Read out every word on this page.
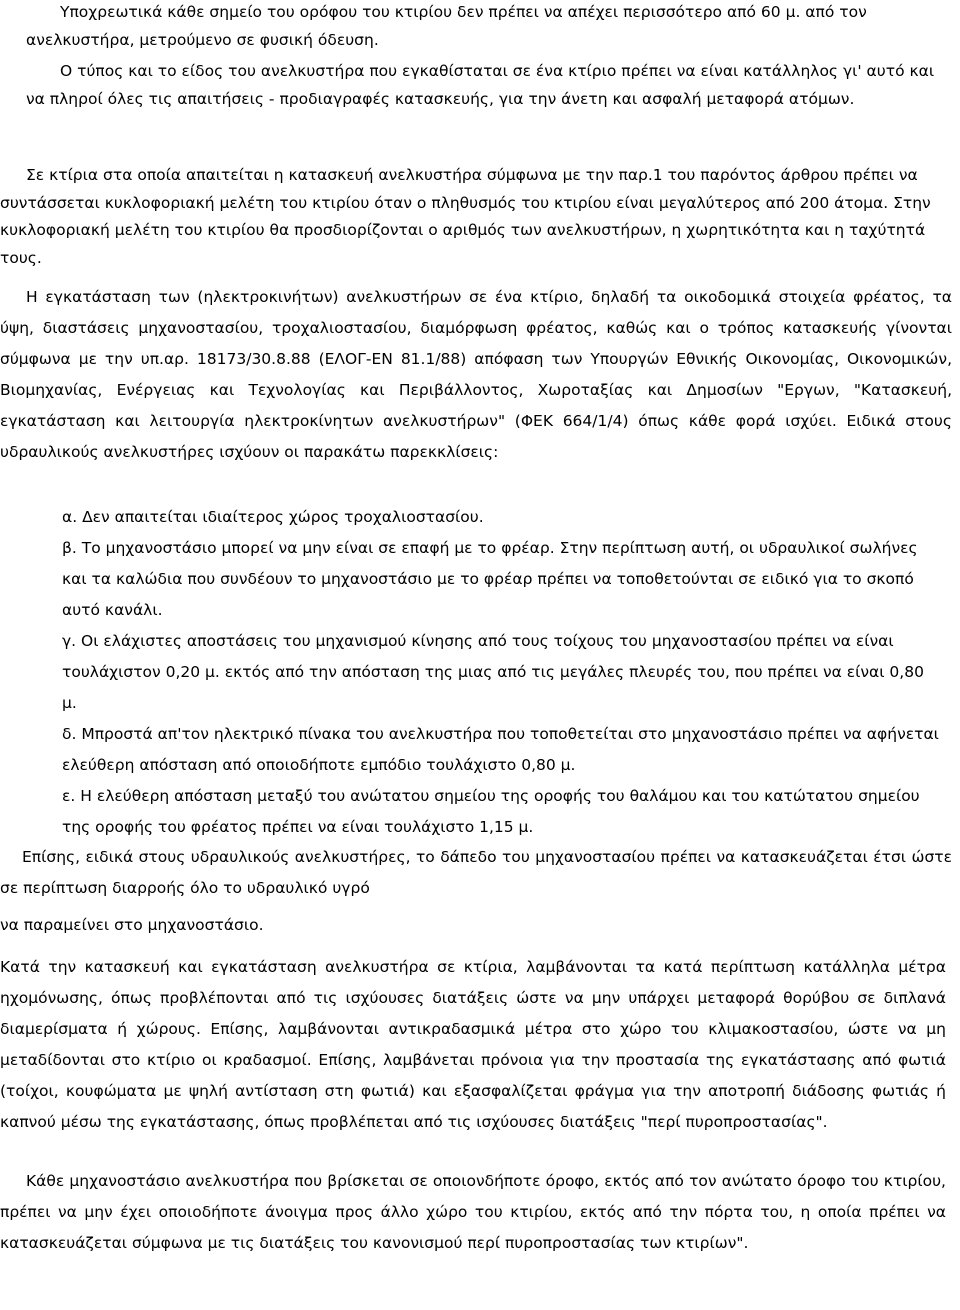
Υποχρεωτικά κάθε σημείο του ορόφου του κτιρίου δεν πρέπει να απέχει περισσότερο από 60 μ. από τον ανελκυστήρα, μετρούμενο σε φυσική όδευση.

Ο τύπος και το είδος του ανελκυστήρα που εγκαθίσταται σε ένα κτίριο πρέπει να είναι κατάλληλος γι' αυτό και να πληροί όλες τις απαιτήσεις - προδιαγραφές κατασκευής, για την άνετη και ασφαλή μεταφορά ατόμων.

Σε κτίρια στα οποία απαιτείται η κατασκευή ανελκυστήρα σύμφωνα με την παρ.1 του παρόντος άρθρου πρέπει να συντάσσεται κυκλοφοριακή μελέτη του κτιρίου όταν ο πληθυσμός του κτιρίου είναι μεγαλύτερος από 200 άτομα. Στην κυκλοφοριακή μελέτη του κτιρίου θα προσδιορίζονται ο αριθμός των ανελκυστήρων, η χωρητικότητα και η ταχύτητά τους.

Η εγκατάσταση των (ηλεκτροκινήτων) ανελκυστήρων σε ένα κτίριο, δηλαδή τα οικοδομικά στοιχεία φρέατος, τα ύψη, διαστάσεις μηχανοστασίου, τροχαλιοστασίου, διαμόρφωση φρέατος, καθώς και ο τρόπος κατασκευής γίνονται σύμφωνα με την υπ.αρ. 18173/30.8.88 (ΕΛΟΓ-ΕΝ 81.1/88) απόφαση των Υπουργών Εθνικής Οικονομίας, Οικονομικών, Βιομηχανίας, Ενέργειας και Τεχνολογίας και Περιβάλλοντος, Χωροταξίας και Δημοσίων "Εργων, "Κατασκευή, εγκατάσταση και λειτουργία ηλεκτροκίνητων ανελκυστήρων" (ΦΕΚ 664/1/4) όπως κάθε φορά ισχύει. Ειδικά στους υδραυλικούς ανελκυστήρες ισχύουν οι παρακάτω παρεκκλίσεις:

α. Δεν απαιτείται ιδιαίτερος χώρος τροχαλιοστασίου.

β. Το μηχανοστάσιο μπορεί να μην είναι σε επαφή με το φρέαρ. Στην περίπτωση αυτή, οι υδραυλικοί σωλήνες και τα καλώδια που συνδέουν το μηχανοστάσιο με το φρέαρ πρέπει να τοποθετούνται σε ειδικό για το σκοπό αυτό κανάλι.

γ. Οι ελάχιστες αποστάσεις του μηχανισμού κίνησης από τους τοίχους του μηχανοστασίου πρέπει να είναι τουλάχιστον 0,20 μ. εκτός από την απόσταση της μιας από τις μεγάλες πλευρές του, που πρέπει να είναι 0,80 μ.

δ. Μπροστά απ'τον ηλεκτρικό πίνακα του ανελκυστήρα που τοποθετείται στο μηχανοστάσιο πρέπει να αφήνεται ελεύθερη απόσταση από οποιοδήποτε εμπόδιο τουλάχιστο 0,80 μ.

ε. Η ελεύθερη απόσταση μεταξύ του ανώτατου σημείου της οροφής του θαλάμου και του κατώτατου σημείου της οροφής του φρέατος πρέπει να είναι τουλάχιστο 1,15 μ.

Επίσης, ειδικά στους υδραυλικούς ανελκυστήρες, το δάπεδο του μηχανοστασίου πρέπει να κατασκευάζεται έτσι ώστε σε περίπτωση διαρροής όλο το υδραυλικό υγρό

να παραμείνει στο μηχανοστάσιο.

Κατά την κατασκευή και εγκατάσταση ανελκυστήρα σε κτίρια, λαμβάνονται τα κατά περίπτωση κατάλληλα μέτρα ηχομόνωσης, όπως προβλέπονται από τις ισχύουσες διατάξεις ώστε να μην υπάρχει μεταφορά θορύβου σε διπλανά διαμερίσματα ή χώρους. Επίσης, λαμβάνονται αντικραδασμικά μέτρα στο χώρο του κλιμακοστασίου, ώστε να μη μεταδίδονται στο κτίριο οι κραδασμοί. Επίσης, λαμβάνεται πρόνοια για την προστασία της εγκατάστασης από φωτιά (τοίχοι, κουφώματα με ψηλή αντίσταση στη φωτιά) και εξασφαλίζεται φράγμα για την αποτροπή διάδοσης φωτιάς ή καπνού μέσω της εγκατάστασης, όπως προβλέπεται από τις ισχύουσες διατάξεις "περί πυροπροστασίας".

Κάθε μηχανοστάσιο ανελκυστήρα που βρίσκεται σε οποιονδήποτε όροφο, εκτός από τον ανώτατο όροφο του κτιρίου, πρέπει να μην έχει οποιοδήποτε άνοιγμα προς άλλο χώρο του κτιρίου, εκτός από την πόρτα του, η οποία πρέπει να κατασκευάζεται σύμφωνα με τις διατάξεις του κανονισμού περί πυροπροστασίας των κτιρίων".
